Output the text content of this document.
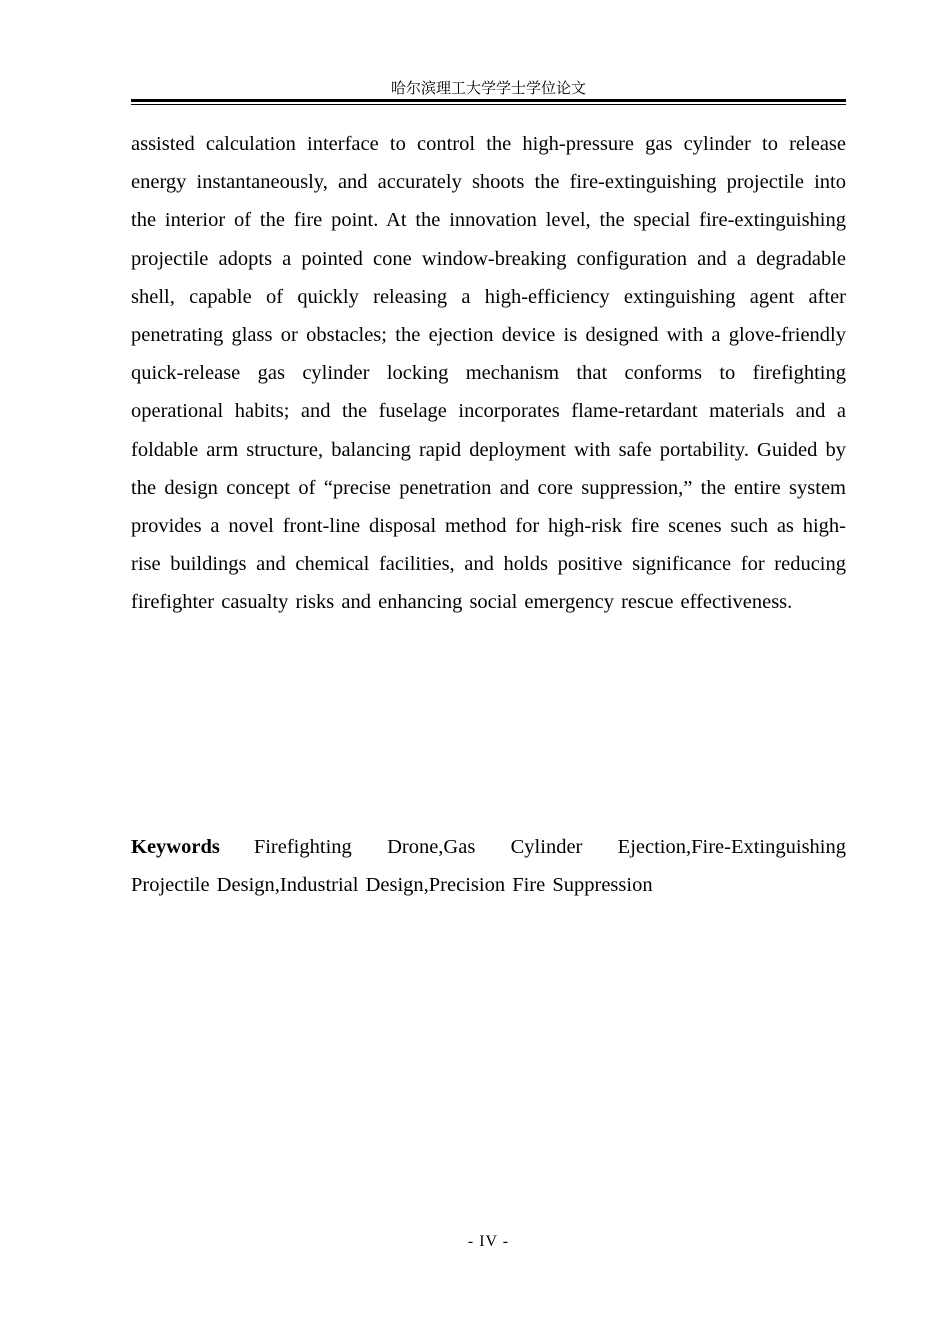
哈尔滨理工大学学士学位论文

assisted calculation interface to control the high-pressure gas cylinder to release energy instantaneously, and accurately shoots the fire-extinguishing projectile into the interior of the fire point. At the innovation level, the special fire-extinguishing projectile adopts a pointed cone window-breaking configuration and a degradable shell, capable of quickly releasing a high-efficiency extinguishing agent after penetrating glass or obstacles; the ejection device is designed with a glove-friendly quick-release gas cylinder locking mechanism that conforms to firefighting operational habits; and the fuselage incorporates flame-retardant materials and a foldable arm structure, balancing rapid deployment with safe portability. Guided by the design concept of “precise penetration and core suppression,” the entire system provides a novel front-line disposal method for high-risk fire scenes such as high-rise buildings and chemical facilities, and holds positive significance for reducing firefighter casualty risks and enhancing social emergency rescue effectiveness.

Keywords Firefighting Drone,Gas Cylinder Ejection,Fire-Extinguishing Projectile Design,Industrial Design,Precision Fire Suppression

- IV -
